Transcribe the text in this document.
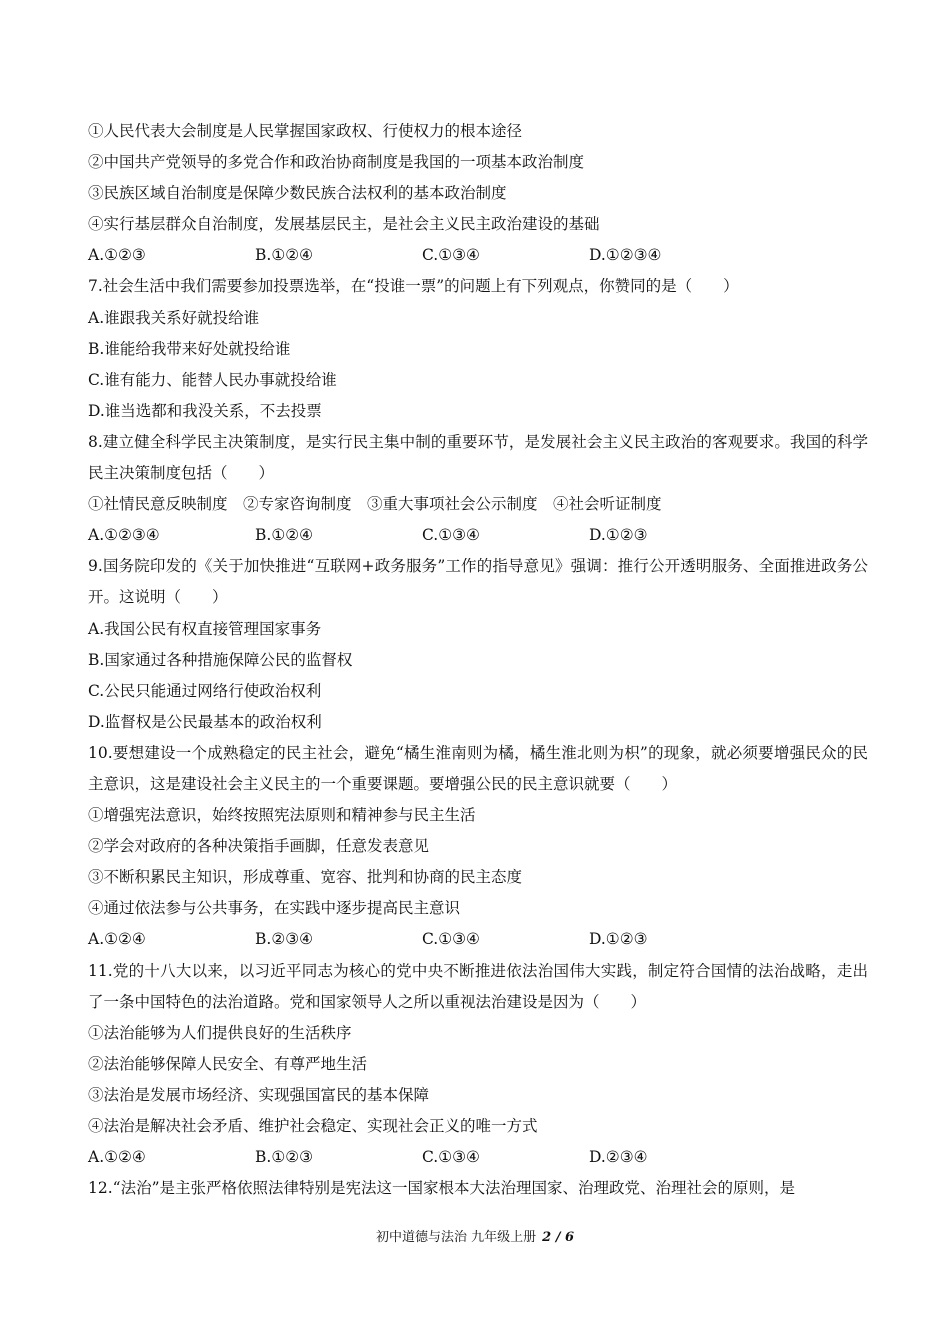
①人民代表大会制度是人民掌握国家政权、行使权力的根本途径
②中国共产党领导的多党合作和政治协商制度是我国的一项基本政治制度
③民族区域自治制度是保障少数民族合法权利的基本政治制度
④实行基层群众自治制度，发展基层民主，是社会主义民主政治建设的基础
A.①②③	B.①②④	C.①③④	D.①②③④
7.社会生活中我们需要参加投票选举，在“投谁一票”的问题上有下列观点，你赞同的是（　　）
A.谁跟我关系好就投给谁
B.谁能给我带来好处就投给谁
C.谁有能力、能替人民办事就投给谁
D.谁当选都和我没关系，不去投票
8.建立健全科学民主决策制度，是实行民主集中制的重要环节，是发展社会主义民主政治的客观要求。我国的科学民主决策制度包括（　　）
①社情民意反映制度　②专家咨询制度　③重大事项社会公示制度　④社会听证制度
A.①②③④	B.①②④	C.①③④	D.①②③
9.国务院印发的《关于加快推进“互联网+政务服务”工作的指导意见》强调：推行公开透明服务、全面推进政务公开。这说明（　　）
A.我国公民有权直接管理国家事务
B.国家通过各种措施保障公民的监督权
C.公民只能通过网络行使政治权利
D.监督权是公民最基本的政治权利
10.要想建设一个成熟稳定的民主社会，避免“橘生淮南则为橘，橘生淮北则为枳”的现象，就必须要增强民众的民主意识，这是建设社会主义民主的一个重要课题。要增强公民的民主意识就要（　　）
①增强宪法意识，始终按照宪法原则和精神参与民主生活
②学会对政府的各种决策指手画脚，任意发表意见
③不断积累民主知识，形成尊重、宽容、批判和协商的民主态度
④通过依法参与公共事务，在实践中逐步提高民主意识
A.①②④	B.②③④	C.①③④	D.①②③
11.党的十八大以来，以习近平同志为核心的党中央不断推进依法治国伟大实践，制定符合国情的法治战略，走出了一条中国特色的法治道路。党和国家领导人之所以重视法治建设是因为（　　）
①法治能够为人们提供良好的生活秩序
②法治能够保障人民安全、有尊严地生活
③法治是发展市场经济、实现强国富民的基本保障
④法治是解决社会矛盾、维护社会稳定、实现社会正义的唯一方式
A.①②④	B.①②③	C.①③④	D.②③④
12.“法治”是主张严格依照法律特别是宪法这一国家根本大法治理国家、治理政党、治理社会的原则，是
初中道德与法治 九年级上册 2 / 6
